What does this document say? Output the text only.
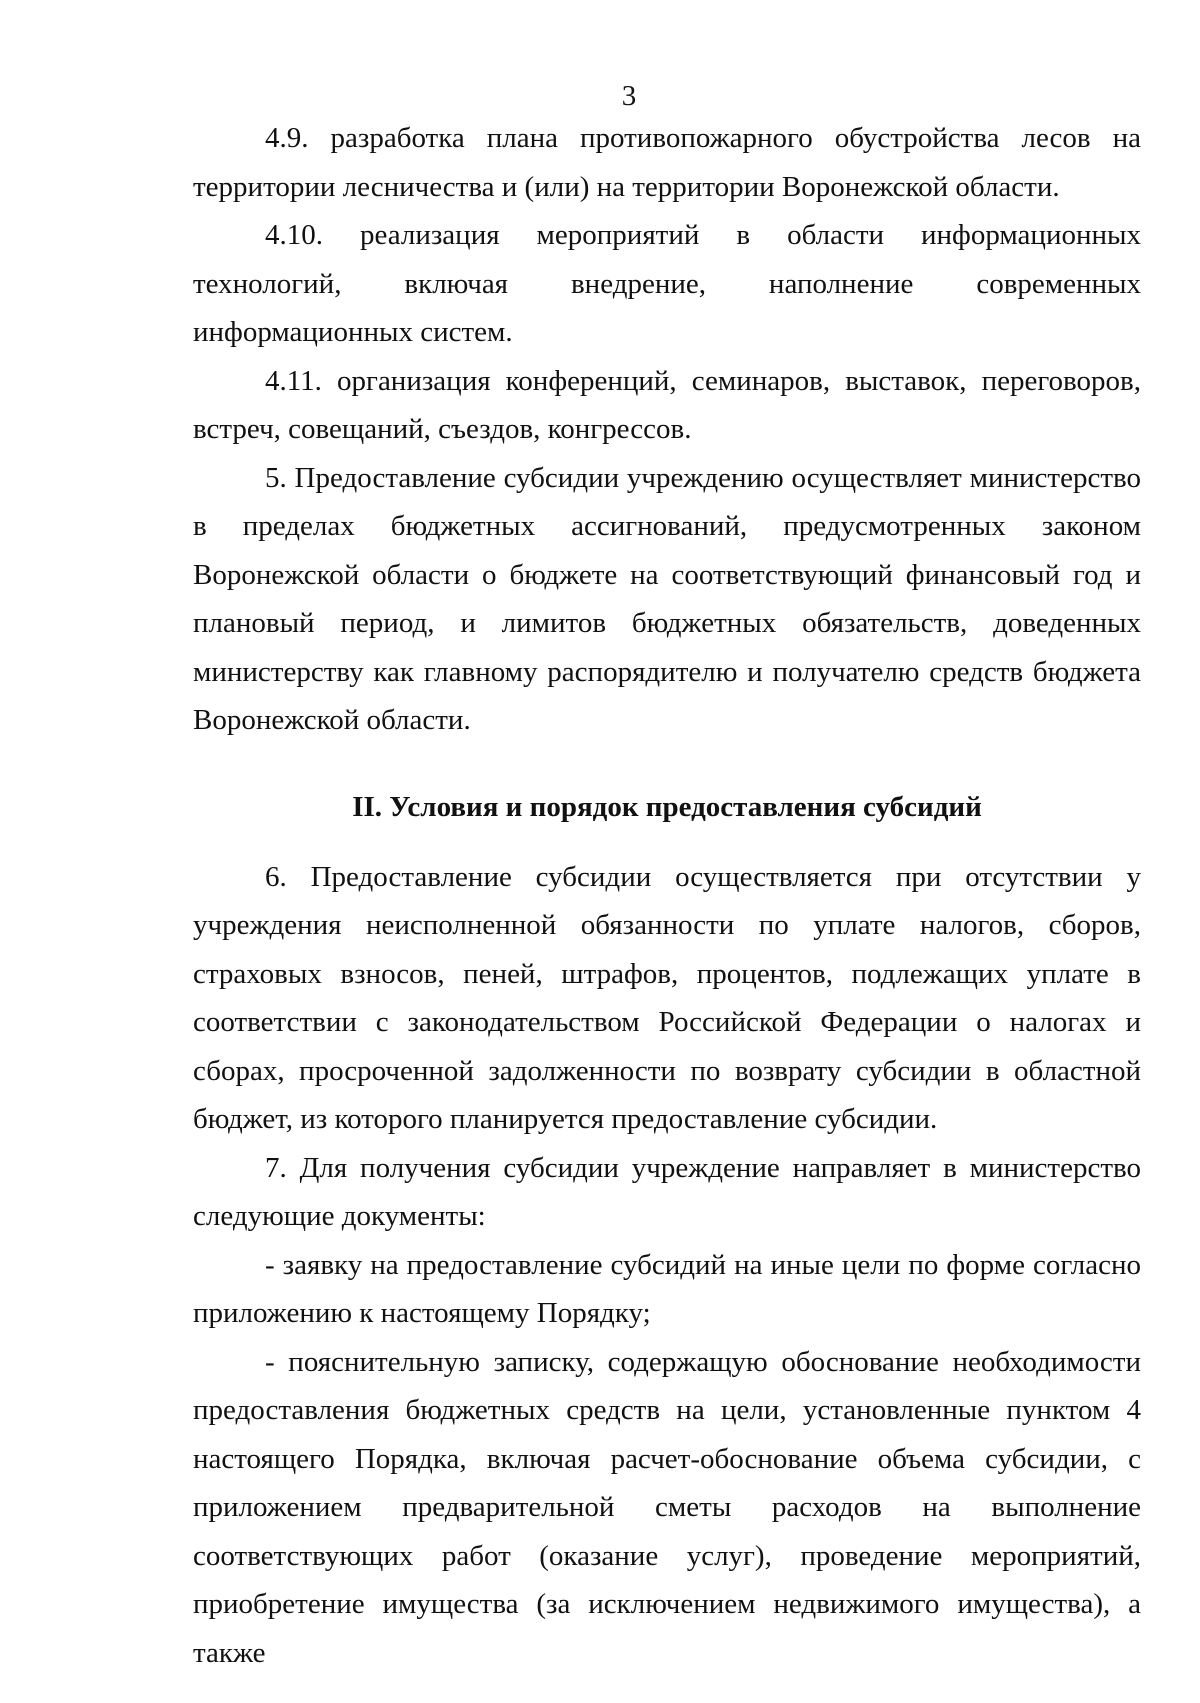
3

4.9. разработка плана противопожарного обустройства лесов на территории лесничества и (или) на территории Воронежской области.

4.10. реализация мероприятий в области информационных технологий, включая внедрение, наполнение современных информационных систем.

4.11. организация конференций, семинаров, выставок, переговоров, встреч, совещаний, съездов, конгрессов.

5. Предоставление субсидии учреждению осуществляет министерство в пределах бюджетных ассигнований, предусмотренных законом Воронежской области о бюджете на соответствующий финансовый год и плановый период, и лимитов бюджетных обязательств, доведенных министерству как главному распорядителю и получателю средств бюджета Воронежской области.

II. Условия и порядок предоставления субсидий

6. Предоставление субсидии осуществляется при отсутствии у учреждения неисполненной обязанности по уплате налогов, сборов, страховых взносов, пеней, штрафов, процентов, подлежащих уплате в соответствии с законодательством Российской Федерации о налогах и сборах, просроченной задолженности по возврату субсидии в областной бюджет, из которого планируется предоставление субсидии.

7. Для получения субсидии учреждение направляет в министерство следующие документы:

- заявку на предоставление субсидий на иные цели по форме согласно приложению к настоящему Порядку;

- пояснительную записку, содержащую обоснование необходимости предоставления бюджетных средств на цели, установленные пунктом 4 настоящего Порядка, включая расчет-обоснование объема субсидии, с приложением предварительной сметы расходов на выполнение соответствующих работ (оказание услуг), проведение мероприятий, приобретение имущества (за исключением недвижимого имущества), а также
